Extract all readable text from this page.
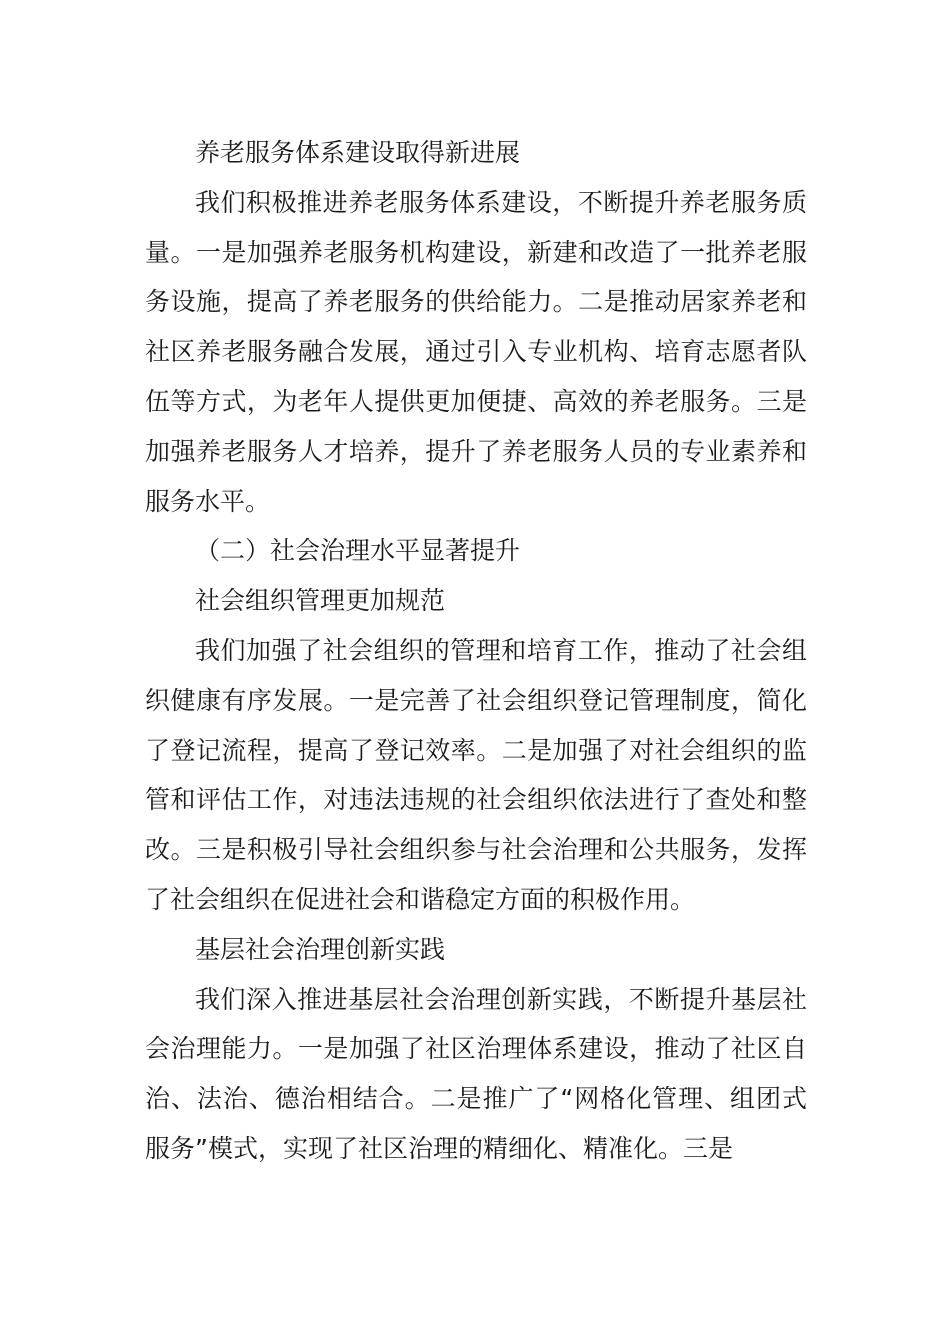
养老服务体系建设取得新进展

我们积极推进养老服务体系建设，不断提升养老服务质量。一是加强养老服务机构建设，新建和改造了一批养老服务设施，提高了养老服务的供给能力。二是推动居家养老和社区养老服务融合发展，通过引入专业机构、培育志愿者队伍等方式，为老年人提供更加便捷、高效的养老服务。三是加强养老服务人才培养，提升了养老服务人员的专业素养和服务水平。

（二）社会治理水平显著提升

社会组织管理更加规范

我们加强了社会组织的管理和培育工作，推动了社会组织健康有序发展。一是完善了社会组织登记管理制度，简化了登记流程，提高了登记效率。二是加强了对社会组织的监管和评估工作，对违法违规的社会组织依法进行了查处和整改。三是积极引导社会组织参与社会治理和公共服务，发挥了社会组织在促进社会和谐稳定方面的积极作用。

基层社会治理创新实践

我们深入推进基层社会治理创新实践，不断提升基层社会治理能力。一是加强了社区治理体系建设，推动了社区自治、法治、德治相结合。二是推广了“网格化管理、组团式服务”模式，实现了社区治理的精细化、精准化。三是
